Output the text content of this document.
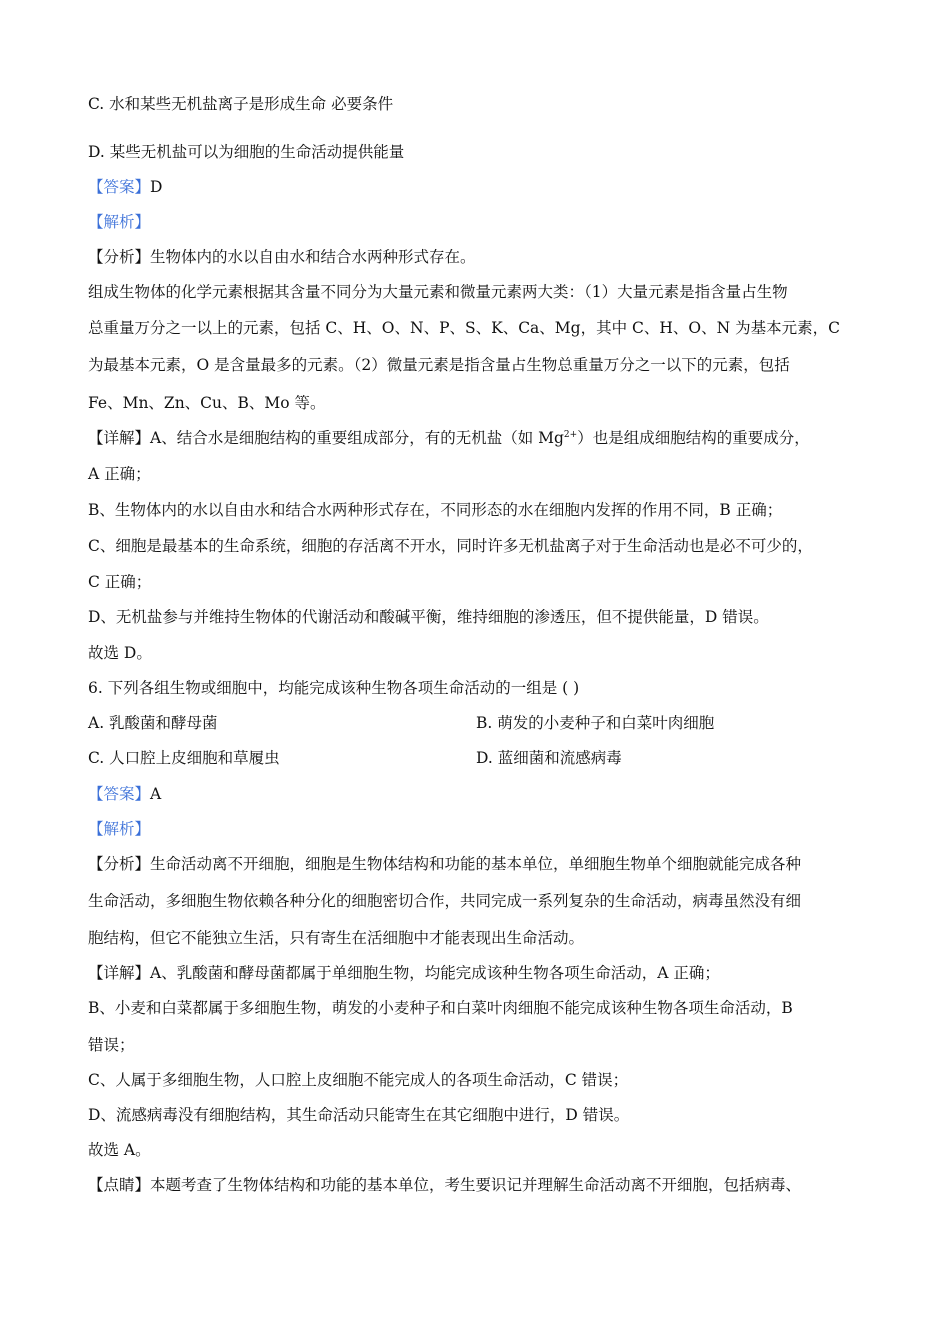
C. 水和某些无机盐离子是形成生命 必要条件
D. 某些无机盐可以为细胞的生命活动提供能量
【答案】D
【解析】
【分析】生物体内的水以自由水和结合水两种形式存在。
组成生物体的化学元素根据其含量不同分为大量元素和微量元素两大类：（1）大量元素是指含量占生物
总重量万分之一以上的元素，包括 C、H、O、N、P、S、K、Ca、Mg，其中 C、H、O、N 为基本元素，C
为最基本元素，O 是含量最多的元素。（2）微量元素是指含量占生物总重量万分之一以下的元素，包括
Fe、Mn、Zn、Cu、B、Mo 等。
【详解】A、结合水是细胞结构的重要组成部分，有的无机盐（如 $Mg^{2+}$）也是组成细胞结构的重要成分，
A 正确；
B、生物体内的水以自由水和结合水两种形式存在，不同形态的水在细胞内发挥的作用不同，B 正确；
C、细胞是最基本的生命系统，细胞的存活离不开水，同时许多无机盐离子对于生命活动也是必不可少的，
C 正确；
D、无机盐参与并维持生物体的代谢活动和酸碱平衡，维持细胞的渗透压，但不提供能量，D 错误。
故选 D。
6. 下列各组生物或细胞中，均能完成该种生物各项生命活动的一组是 ( )
A. 乳酸菌和酵母菌	B. 萌发的小麦种子和白菜叶肉细胞
C. 人口腔上皮细胞和草履虫	D. 蓝细菌和流感病毒
【答案】A
【解析】
【分析】生命活动离不开细胞，细胞是生物体结构和功能的基本单位，单细胞生物单个细胞就能完成各种
生命活动，多细胞生物依赖各种分化的细胞密切合作，共同完成一系列复杂的生命活动，病毒虽然没有细
胞结构，但它不能独立生活，只有寄生在活细胞中才能表现出生命活动。
【详解】A、乳酸菌和酵母菌都属于单细胞生物，均能完成该种生物各项生命活动，A 正确；
B、小麦和白菜都属于多细胞生物，萌发的小麦种子和白菜叶肉细胞不能完成该种生物各项生命活动，B
错误；
C、人属于多细胞生物，人口腔上皮细胞不能完成人的各项生命活动，C 错误；
D、流感病毒没有细胞结构，其生命活动只能寄生在其它细胞中进行，D 错误。
故选 A。
【点睛】本题考查了生物体结构和功能的基本单位，考生要识记并理解生命活动离不开细胞，包括病毒、
